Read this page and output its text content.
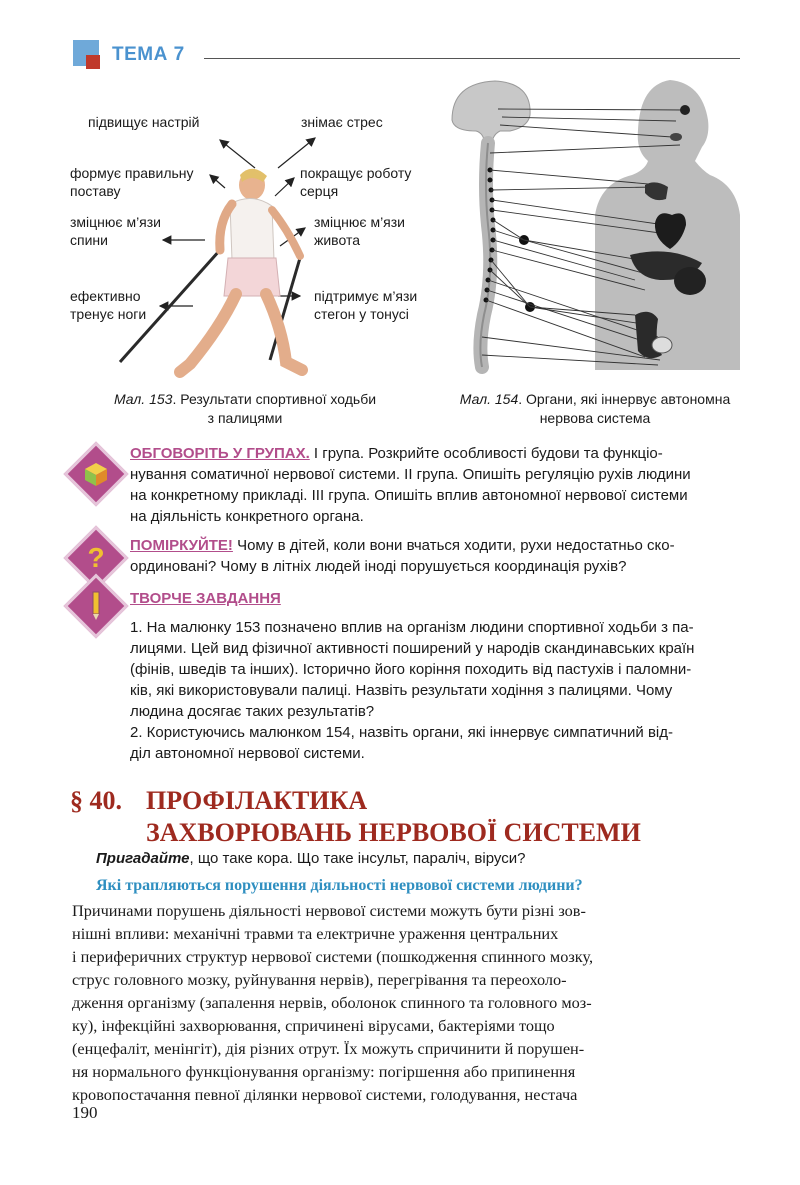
ТЕМА 7
підвищує настрій	знімає стрес
формує правильну
поставу
покращує роботу
серця
зміцнює м’язи
спини
зміцнює м’язи
живота
ефективно
тренує ноги
підтримує м’язи
стегон у тонусі
Мал. 153. Результати спортивної ходьби
з палицями
Мал. 154. Органи, які іннервує автономна
нервова система
ОБГОВОРІТЬ У ГРУПАХ. І група. Розкрийте особливості будови та функціо-
нування соматичної нервової системи. ІІ група. Опишіть регуляцію рухів людини
на конкретному прикладі. ІІІ група. Опишіть вплив автономної нервової системи
на діяльність конкретного органа.
?	ПОМІРКУЙТЕ! Чому в дітей, коли вони вчаться ходити, рухи недостатньо ско-
ординовані? Чому в літніх людей іноді порушується координація рухів?
ТВОРЧЕ ЗАВДАННЯ
1. На малюнку 153 позначено вплив на організм людини спортивної ходьби з па-
лицями. Цей вид фізичної активності поширений у народів скандинавських країн
(фінів, шведів та інших). Історично його коріння походить від пастухів і паломни-
ків, які використовували палиці. Назвіть результати ходіння з палицями. Чому
людина досягає таких результатів?
2. Користуючись малюнком 154, назвіть органи, які іннервує симпатичний від-
діл автономної нервової системи.
§ 40. ПРОФІЛАКТИКА
ЗАХВОРЮВАНЬ НЕРВОВОЇ СИСТЕМИ
Пригадайте, що таке кора. Що таке інсульт, параліч, віруси?
Які трапляються порушення діяльності нервової системи людини?
Причинами порушень діяльності нервової системи можуть бути різні зов-
нішні впливи: механічні травми та електричне ураження центральних
і периферичних структур нервової системи (пошкодження спинного мозку,
струс головного мозку, руйнування нервів), перегрівання та переохоло-
дження організму (запалення нервів, оболонок спинного та головного моз-
ку), інфекційні захворювання, спричинені вірусами, бактеріями тощо
(енцефаліт, менінгіт), дія різних отрут. Їх можуть спричинити й порушен-
ня нормального функціонування організму: погіршення або припинення
кровопостачання певної ділянки нервової системи, голодування, нестача
190
